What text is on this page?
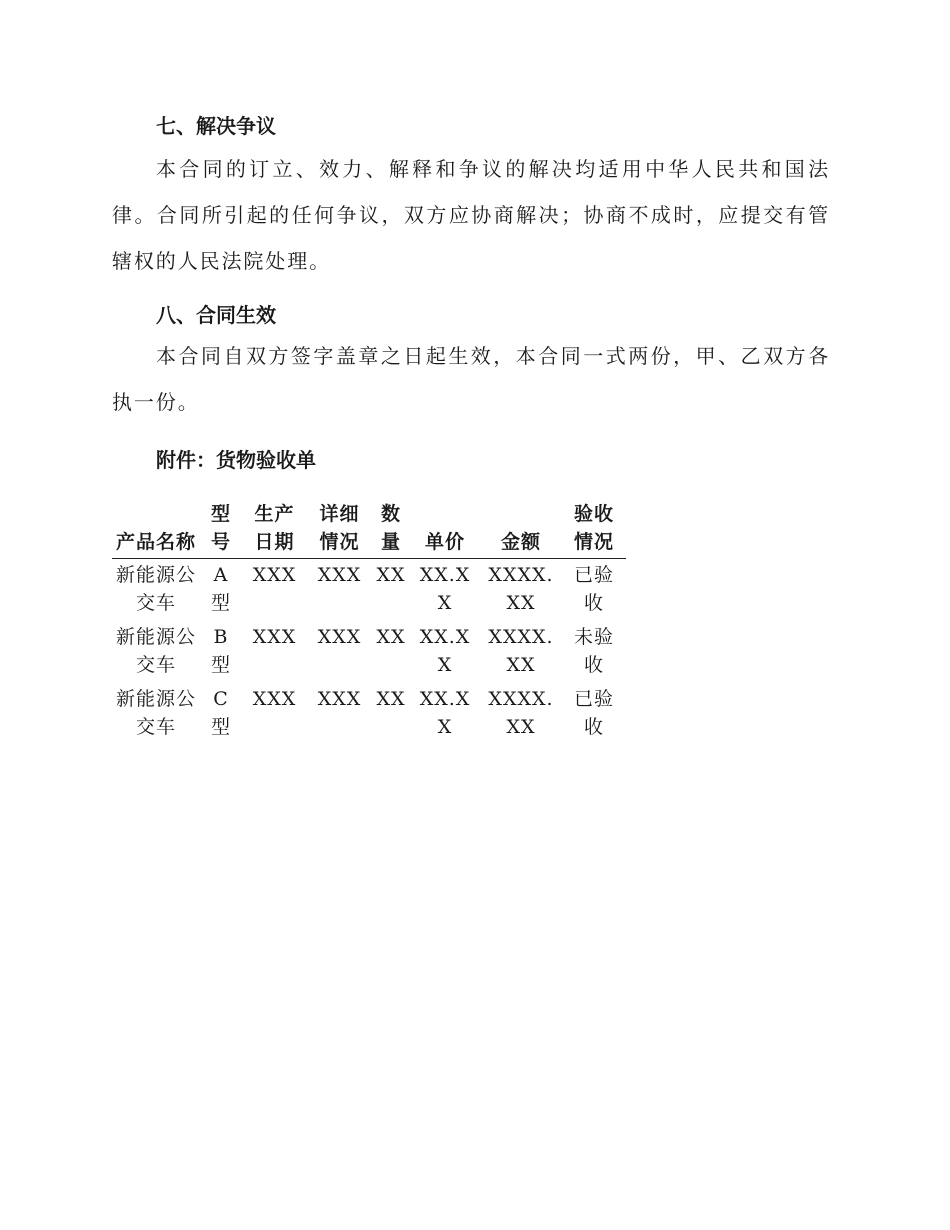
七、解决争议
本合同的订立、效力、解释和争议的解决均适用中华人民共和国法律。合同所引起的任何争议，双方应协商解决；协商不成时，应提交有管辖权的人民法院处理。
八、合同生效
本合同自双方签字盖章之日起生效，本合同一式两份，甲、乙双方各执一份。
附件：货物验收单
产品名称	型号	生产日期	详细情况	数量	单价	金额	验收情况

新能源公交车	A型	XXX	XXX	XX	XX.XX	XXXX.XX	已验收

新能源公交车	B型	XXX	XXX	XX	XX.XX	XXXX.XX	未验收

新能源公交车	C型	XXX	XXX	XX	XX.XX	XXXX.XX	已验收
